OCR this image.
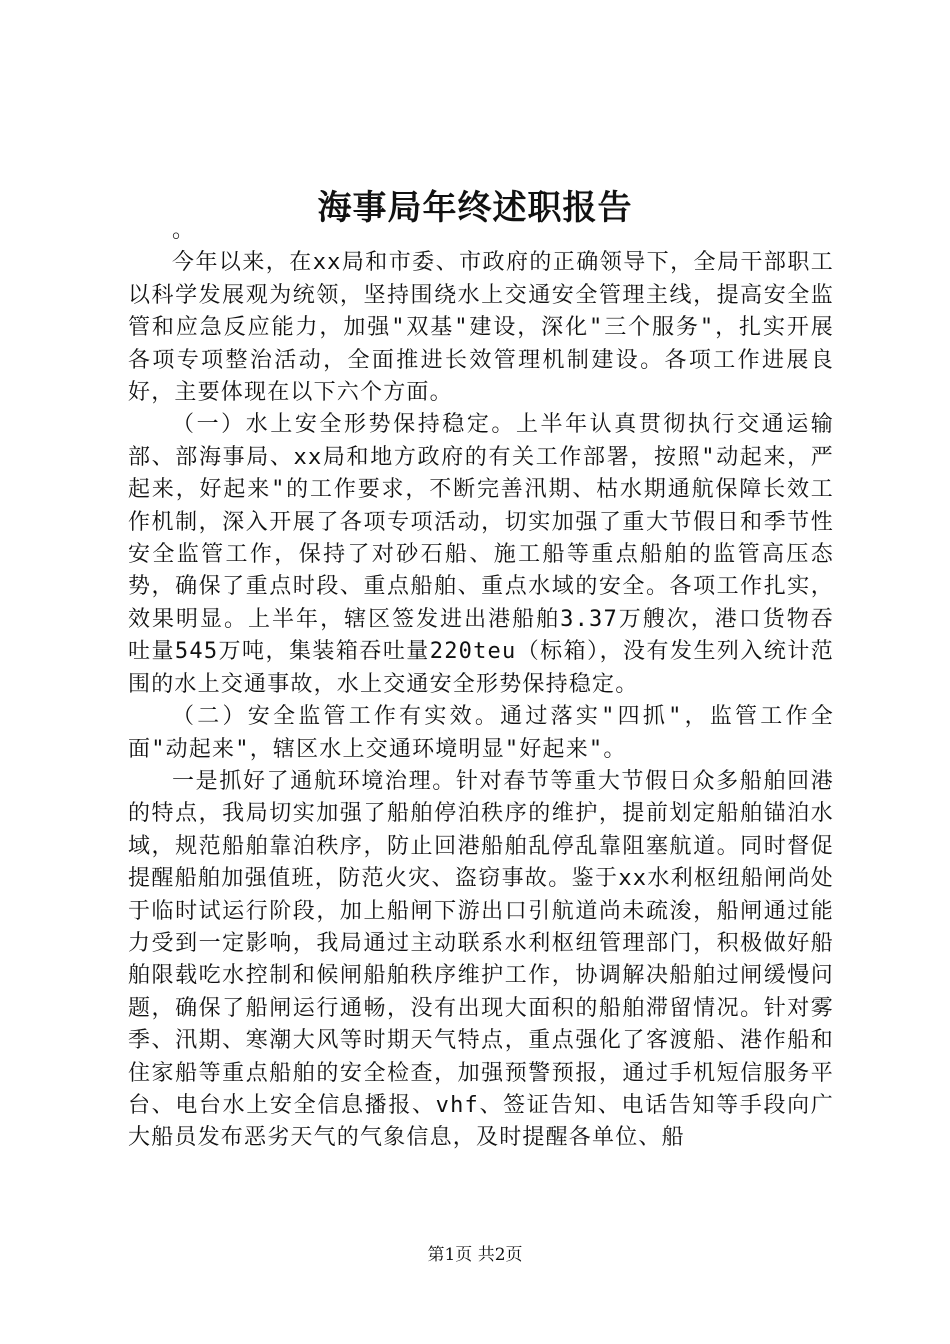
海事局年终述职报告

。

今年以来，在xx局和市委、市政府的正确领导下，全局干部职工以科学发展观为统领，坚持围绕水上交通安全管理主线，提高安全监管和应急反应能力，加强"双基"建设，深化"三个服务"，扎实开展各项专项整治活动，全面推进长效管理机制建设。各项工作进展良好，主要体现在以下六个方面。

（一）水上安全形势保持稳定。上半年认真贯彻执行交通运输部、部海事局、xx局和地方政府的有关工作部署，按照"动起来，严起来，好起来"的工作要求，不断完善汛期、枯水期通航保障长效工作机制，深入开展了各项专项活动，切实加强了重大节假日和季节性安全监管工作，保持了对砂石船、施工船等重点船舶的监管高压态势，确保了重点时段、重点船舶、重点水域的安全。各项工作扎实，效果明显。上半年，辖区签发进出港船舶3.37万艘次，港口货物吞吐量545万吨，集装箱吞吐量220teu（标箱），没有发生列入统计范围的水上交通事故，水上交通安全形势保持稳定。

（二）安全监管工作有实效。通过落实"四抓"，监管工作全面"动起来"，辖区水上交通环境明显"好起来"。

一是抓好了通航环境治理。针对春节等重大节假日众多船舶回港的特点，我局切实加强了船舶停泊秩序的维护，提前划定船舶锚泊水域，规范船舶靠泊秩序，防止回港船舶乱停乱靠阻塞航道。同时督促提醒船舶加强值班，防范火灾、盗窃事故。鉴于xx水利枢纽船闸尚处于临时试运行阶段，加上船闸下游出口引航道尚未疏浚，船闸通过能力受到一定影响，我局通过主动联系水利枢纽管理部门，积极做好船舶限载吃水控制和候闸船舶秩序维护工作，协调解决船舶过闸缓慢问题，确保了船闸运行通畅，没有出现大面积的船舶滞留情况。针对雾季、汛期、寒潮大风等时期天气特点，重点强化了客渡船、港作船和住家船等重点船舶的安全检查，加强预警预报，通过手机短信服务平台、电台水上安全信息播报、vhf、签证告知、电话告知等手段向广大船员发布恶劣天气的气象信息，及时提醒各单位、船

第1页 共2页
